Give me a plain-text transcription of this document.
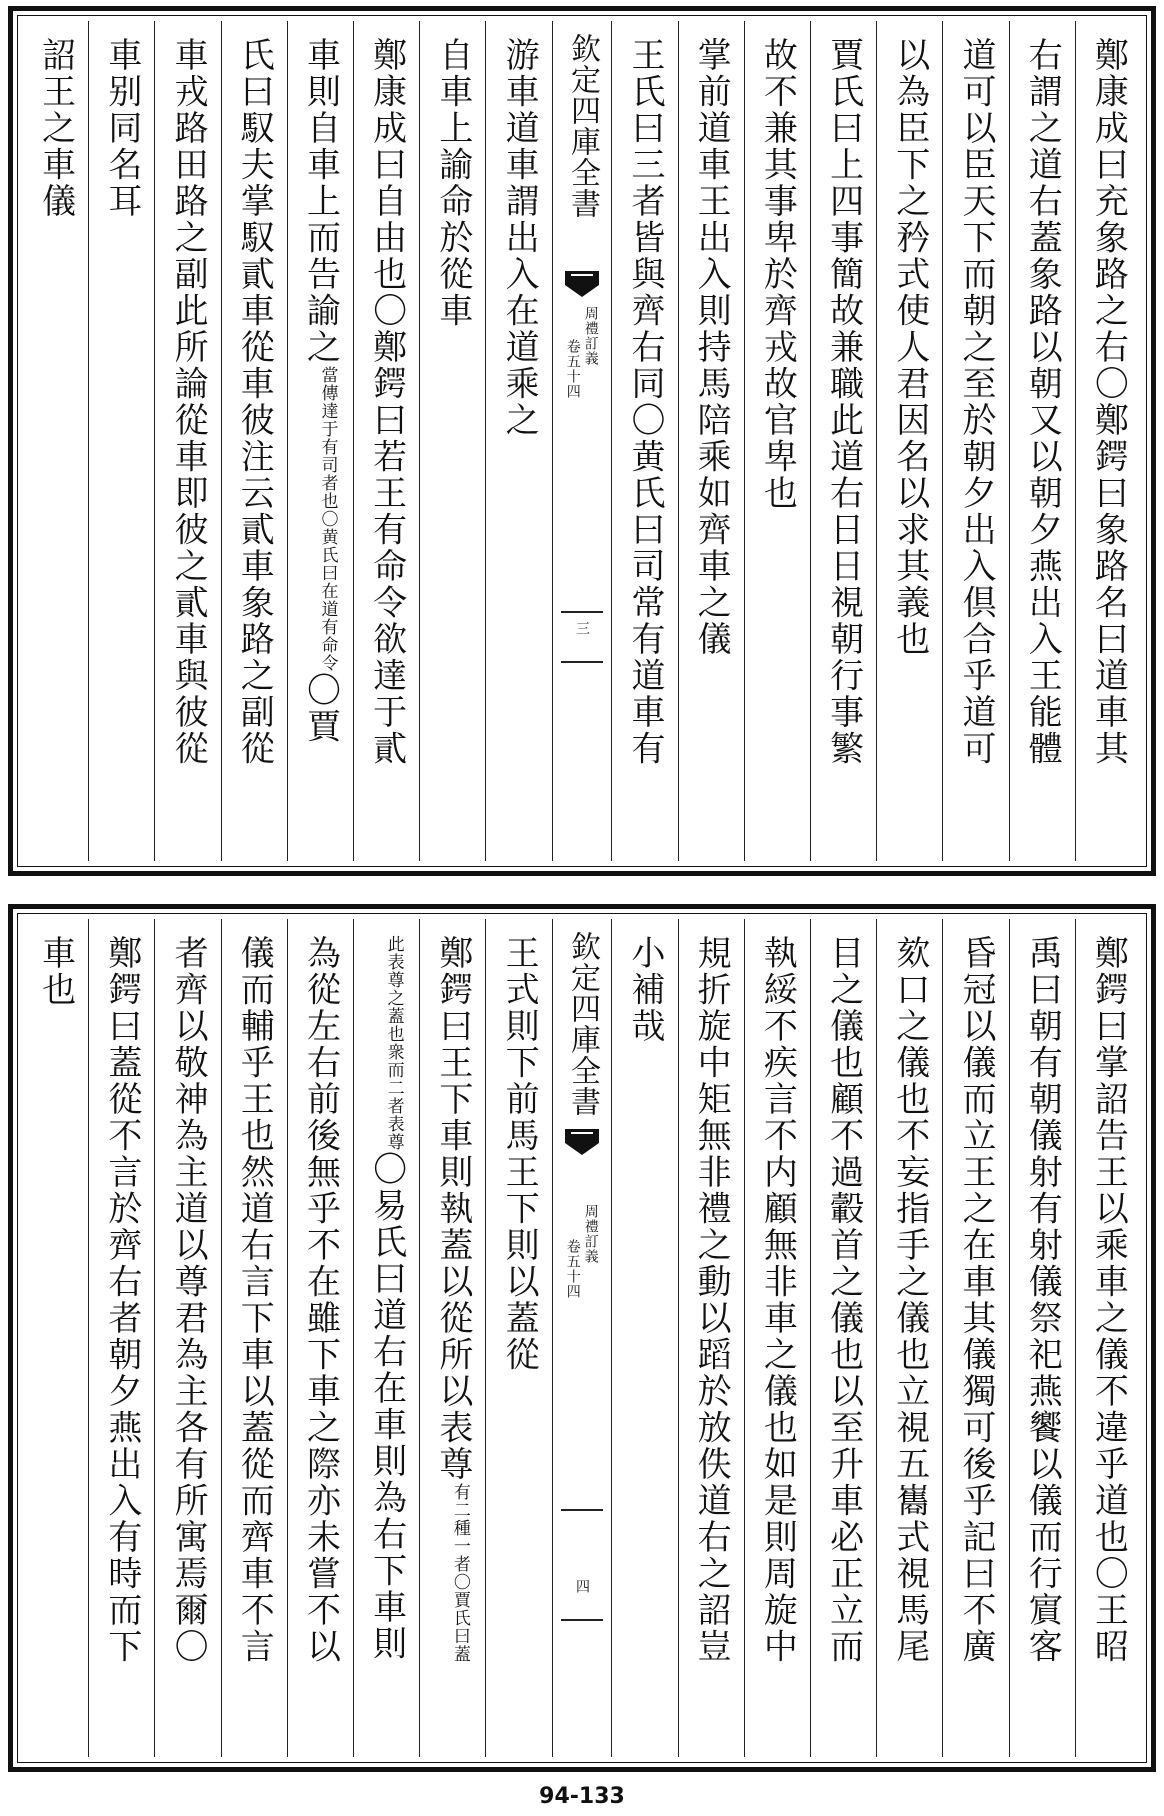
鄭康成曰充象路之右〇鄭鍔曰象路名曰道車其
右謂之道右蓋象路以朝又以朝夕燕出入王能體
道可以臣天下而朝之至於朝夕出入倶合乎道可
以為臣下之矜式使人君因名以求其義也
賈氏曰上四事簡故兼職此道右日日視朝行事繁
故不兼其事卑於齊戎故官卑也
掌前道車王出入則持馬陪乘如齊車之儀
王氏曰三者皆與齊右同〇黄氏曰司常有道車有
欽定四庫全書
周禮訂義
卷五十四
三
游車道車謂出入在道乘之
自車上諭命於從車
鄭康成曰自由也〇鄭鍔曰若王有命令欲達于貳
車則自車上而告諭之
〇黄氏曰在道有命令
當傳達于有司者也
〇賈
氏曰馭夫掌馭貳車從車彼注云貳車象路之副從
車戎路田路之副此所論從車即彼之貳車與彼從
車别同名耳
詔王之車儀
鄭鍔曰掌詔告王以乘車之儀不違乎道也〇王昭
禹曰朝有朝儀射有射儀祭祀燕饗以儀而行賔客
昏冠以儀而立王之在車其儀獨可後乎記曰不廣
欬口之儀也不妄指手之儀也立視五巂式視馬尾
目之儀也顧不過轂首之儀也以至升車必正立而
執綏不疾言不内顧無非車之儀也如是則周旋中
規折旋中矩無非禮之動以蹈於放佚道右之詔豈
小補哉
欽定四庫全書
周禮訂義
卷五十四
四
王式則下前馬王下則以蓋從
鄭鍔曰王下車則執蓋以從所以表尊
〇賈氏曰蓋
有二種一者
衆而二者表尊
此表尊之蓋也
〇易氏曰道右在車則為右下車則
為從左右前後無乎不在雖下車之際亦未嘗不以
儀而輔乎王也然道右言下車以蓋從而齊車不言
者齊以敬神為主道以尊君為主各有所寓焉爾〇
鄭鍔曰蓋從不言於齊右者朝夕燕出入有時而下
車也
94-133
